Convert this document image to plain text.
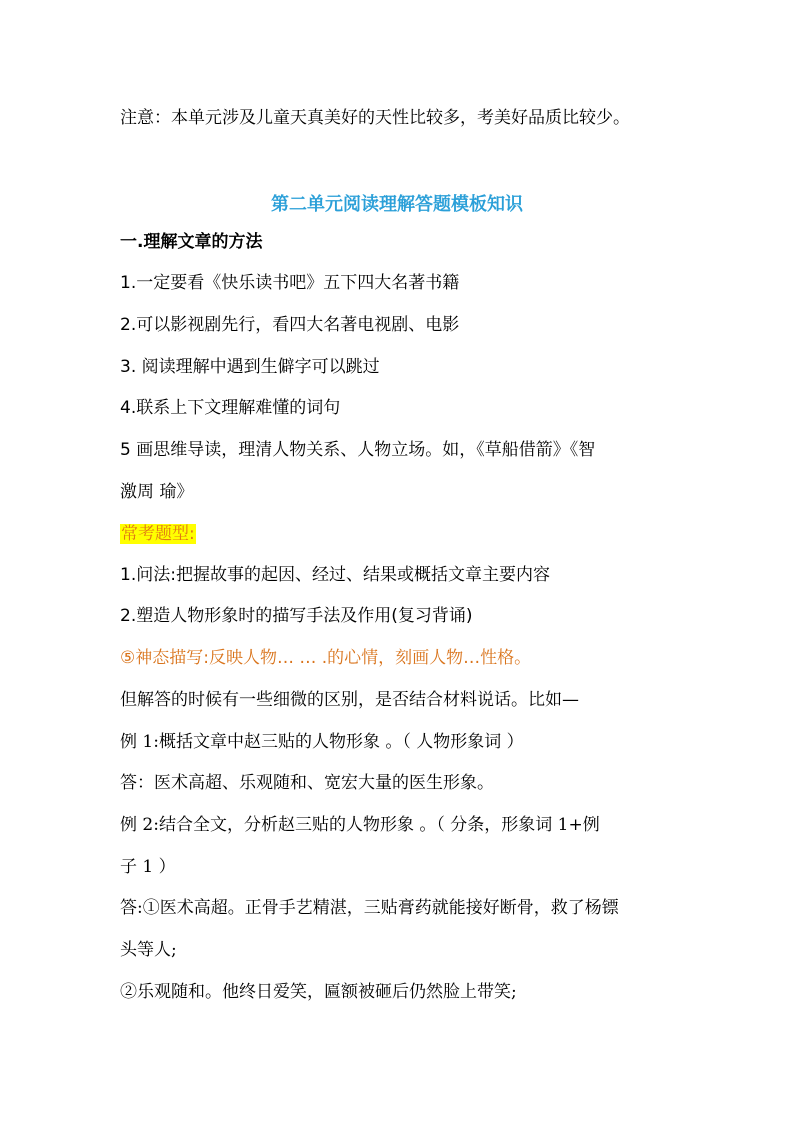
注意：本单元涉及儿童天真美好的天性比较多，考美好品质比较少。
第二单元阅读理解答题模板知识
一.理解文章的方法
1.一定要看《快乐读书吧》五下四大名著书籍
2.可以影视剧先行，看四大名著电视剧、电影
3. 阅读理解中遇到生僻字可以跳过
4.联系上下文理解难懂的词句
5 画思维导读，理清人物关系、人物立场。如，《草船借箭》《智
激周 瑜》
常考题型:
1.问法:把握故事的起因、经过、结果或概括文章主要内容
2.塑造人物形象时的描写手法及作用(复习背诵)
⑤神态描写:反映人物… … .的心情，刻画人物…性格。
但解答的时候有一些细微的区别，是否结合材料说话。比如—
例 1:概括文章中赵三贴的人物形象 。（ 人物形象词 ）
答：医术高超、乐观随和、宽宏大量的医生形象。
例 2:结合全文，分析赵三贴的人物形象 。（ 分条，形象词 1+例
子 1 ）
答:①医术高超。正骨手艺精湛，三贴膏药就能接好断骨，救了杨镖
头等人;
②乐观随和。他终日爱笑，匾额被砸后仍然脸上带笑;
